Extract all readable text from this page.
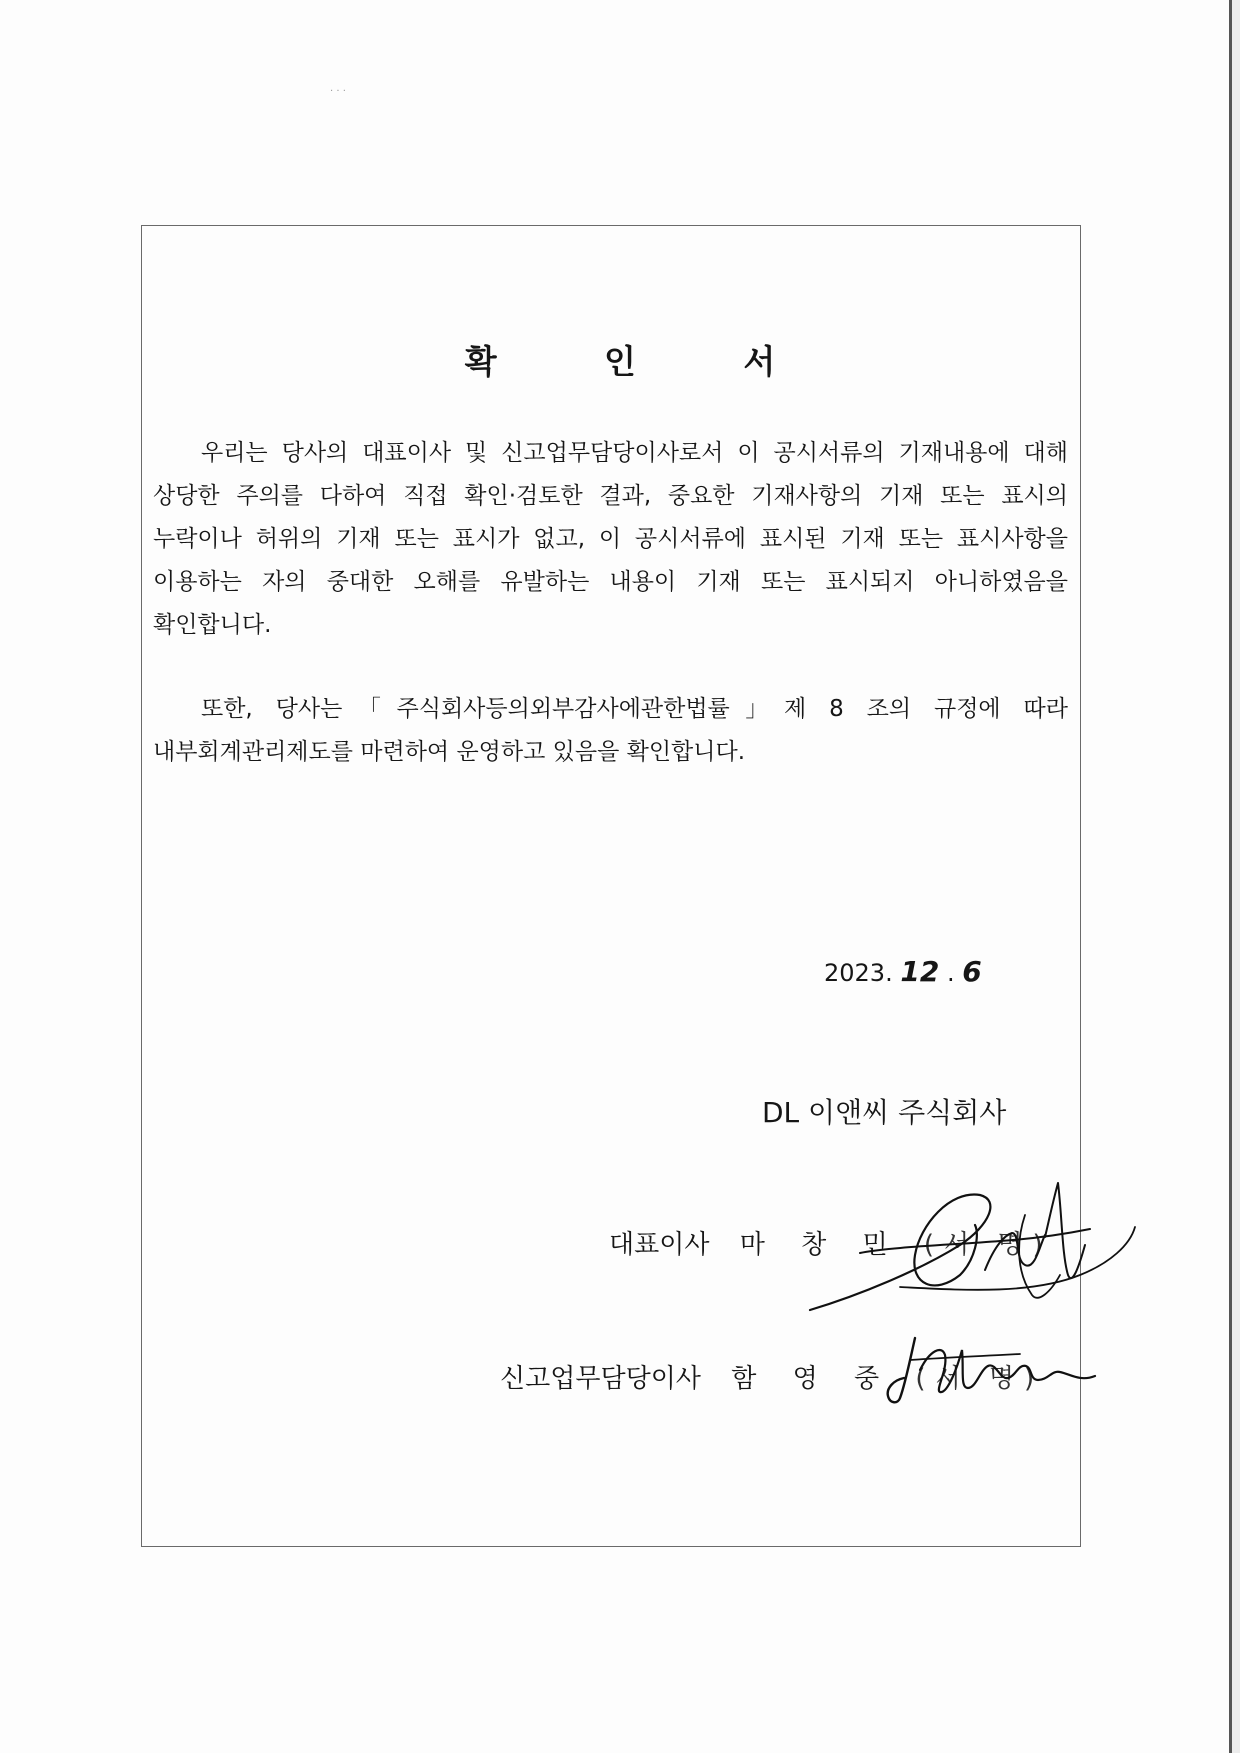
· · ·
확 인 서

우리는 당사의 대표이사 및 신고업무담당이사로서 이 공시서류의 기재내용에 대해 상당한 주의를 다하여 직접 확인·검토한 결과, 중요한 기재사항의 기재 또는 표시의 누락이나 허위의 기재 또는 표시가 없고, 이 공시서류에 표시된 기재 또는 표시사항을 이용하는 자의 중대한 오해를 유발하는 내용이 기재 또는 표시되지 아니하였음을 확인합니다.

또한, 당사는「주식회사등의외부감사에관한법률」제 8 조의 규정에 따라 내부회계관리제도를 마련하여 운영하고 있음을 확인합니다.

2023. 12 . 6
DL 이앤씨 주식회사
대표이사 마 창 민 (서 명)
신고업무담당이사 함 영 중 (서 명)
